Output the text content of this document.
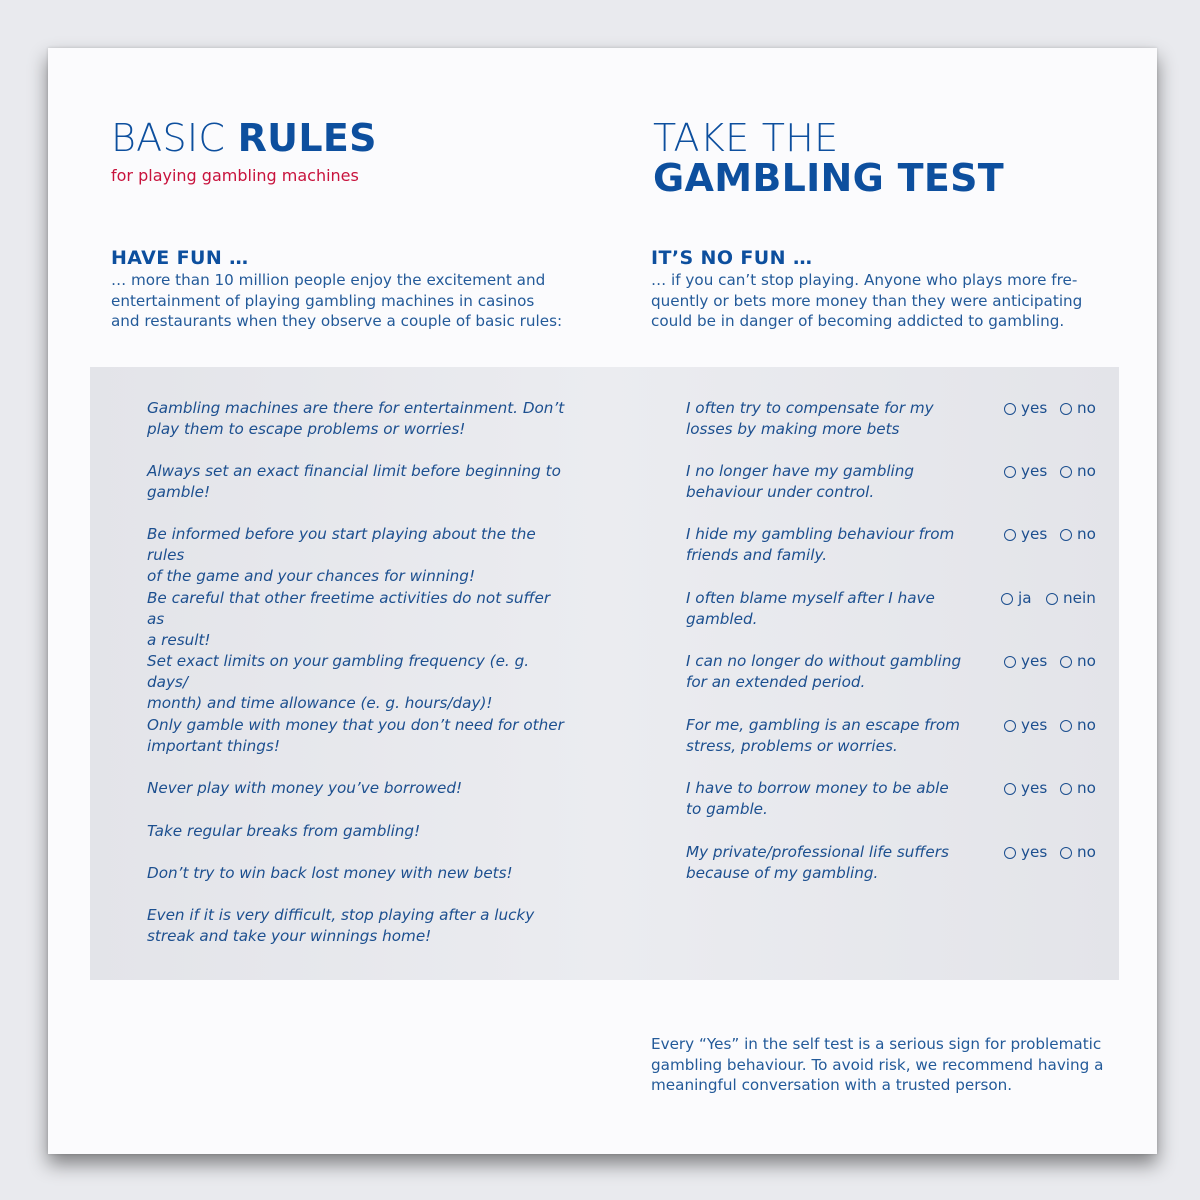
BASIC RULES
for playing gambling machines
TAKE THE
GAMBLING TEST
HAVE FUN …
… more than 10 million people enjoy the excitement and
entertainment of playing gambling machines in casinos
and restaurants when they observe a couple of basic rules:
IT’S NO FUN …
… if you can’t stop playing. Anyone who plays more fre-
quently or bets more money than they were anticipating
could be in danger of becoming addicted to gambling.
Gambling machines are there for entertainment. Don’t
play them to escape problems or worries!
Always set an exact financial limit before beginning to
gamble!
Be informed before you start playing about the the rules
of the game and your chances for winning!
Be careful that other freetime activities do not suffer as
a result!
Set exact limits on your gambling frequency (e. g. days/
month) and time allowance (e. g. hours/day)!
Only gamble with money that you don’t need for other
important things!
Never play with money you’ve borrowed!
Take regular breaks from gambling!
Don’t try to win back lost money with new bets!
Even if it is very difficult, stop playing after a lucky
streak and take your winnings home!
I often try to compensate for my
losses by making more bets
yes no
I no longer have my gambling
behaviour under control.
yes no
I hide my gambling behaviour from
friends and family.
yes no
I often blame myself after I have
gambled.
ja nein
I can no longer do without gambling
for an extended period.
yes no
For me, gambling is an escape from
stress, problems or worries.
yes no
I have to borrow money to be able
to gamble.
yes no
My private/professional life suffers
because of my gambling.
yes no
Every “Yes” in the self test is a serious sign for problematic
gambling behaviour. To avoid risk, we recommend having a
meaningful conversation with a trusted person.
